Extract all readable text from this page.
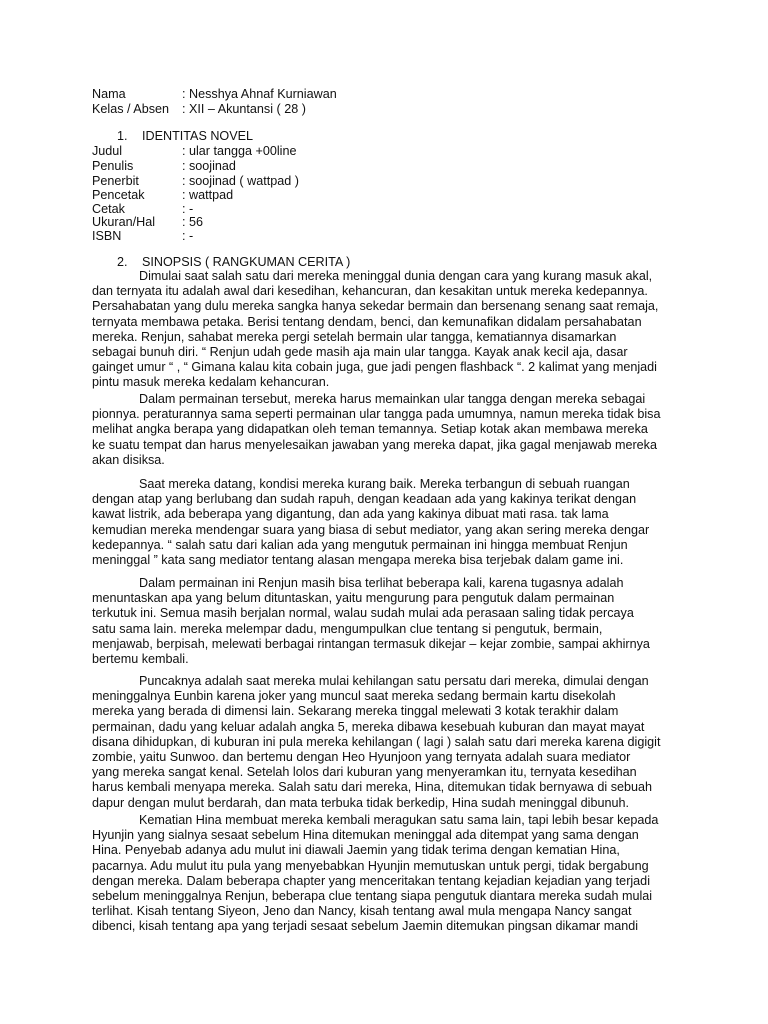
Nama	: Nesshya Ahnaf Kurniawan
Kelas / Absen : XII – Akuntansi ( 28 )
1. IDENTITAS NOVEL
Judul	: ular tangga +00line
Penulis	: soojinad
Penerbit	: soojinad ( wattpad )
Pencetak	: wattpad
Cetak	: -
Ukuran/Hal : 56
ISBN	: -
2. SINOPSIS ( RANGKUMAN CERITA )
Dimulai saat salah satu dari mereka meninggal dunia dengan cara yang kurang masuk akal,
dan ternyata itu adalah awal dari kesedihan, kehancuran, dan kesakitan untuk mereka kedepannya.
Persahabatan yang dulu mereka sangka hanya sekedar bermain dan bersenang senang saat remaja,
ternyata membawa petaka. Berisi tentang dendam, benci, dan kemunafikan didalam persahabatan
mereka. Renjun, sahabat mereka pergi setelah bermain ular tangga, kematiannya disamarkan
sebagai bunuh diri. “ Renjun udah gede masih aja main ular tangga. Kayak anak kecil aja, dasar
gainget umur “ , “ Gimana kalau kita cobain juga, gue jadi pengen flashback “. 2 kalimat yang menjadi
pintu masuk mereka kedalam kehancuran.
Dalam permainan tersebut, mereka harus memainkan ular tangga dengan mereka sebagai
pionnya. peraturannya sama seperti permainan ular tangga pada umumnya, namun mereka tidak bisa
melihat angka berapa yang didapatkan oleh teman temannya. Setiap kotak akan membawa mereka
ke suatu tempat dan harus menyelesaikan jawaban yang mereka dapat, jika gagal menjawab mereka
akan disiksa.
Saat mereka datang, kondisi mereka kurang baik. Mereka terbangun di sebuah ruangan
dengan atap yang berlubang dan sudah rapuh, dengan keadaan ada yang kakinya terikat dengan
kawat listrik, ada beberapa yang digantung, dan ada yang kakinya dibuat mati rasa. tak lama
kemudian mereka mendengar suara yang biasa di sebut mediator, yang akan sering mereka dengar
kedepannya. “ salah satu dari kalian ada yang mengutuk permainan ini hingga membuat Renjun
meninggal ” kata sang mediator tentang alasan mengapa mereka bisa terjebak dalam game ini.
Dalam permainan ini Renjun masih bisa terlihat beberapa kali, karena tugasnya adalah
menuntaskan apa yang belum dituntaskan, yaitu mengurung para pengutuk dalam permainan
terkutuk ini. Semua masih berjalan normal, walau sudah mulai ada perasaan saling tidak percaya
satu sama lain. mereka melempar dadu, mengumpulkan clue tentang si pengutuk, bermain,
menjawab, berpisah, melewati berbagai rintangan termasuk dikejar – kejar zombie, sampai akhirnya
bertemu kembali.
Puncaknya adalah saat mereka mulai kehilangan satu persatu dari mereka, dimulai dengan
meninggalnya Eunbin karena joker yang muncul saat mereka sedang bermain kartu disekolah
mereka yang berada di dimensi lain. Sekarang mereka tinggal melewati 3 kotak terakhir dalam
permainan, dadu yang keluar adalah angka 5, mereka dibawa kesebuah kuburan dan mayat mayat
disana dihidupkan, di kuburan ini pula mereka kehilangan ( lagi ) salah satu dari mereka karena digigit
zombie, yaitu Sunwoo. dan bertemu dengan Heo Hyunjoon yang ternyata adalah suara mediator
yang mereka sangat kenal. Setelah lolos dari kuburan yang menyeramkan itu, ternyata kesedihan
harus kembali menyapa mereka. Salah satu dari mereka, Hina, ditemukan tidak bernyawa di sebuah
dapur dengan mulut berdarah, dan mata terbuka tidak berkedip, Hina sudah meninggal dibunuh.
Kematian Hina membuat mereka kembali meragukan satu sama lain, tapi lebih besar kepada
Hyunjin yang sialnya sesaat sebelum Hina ditemukan meninggal ada ditempat yang sama dengan
Hina. Penyebab adanya adu mulut ini diawali Jaemin yang tidak terima dengan kematian Hina,
pacarnya. Adu mulut itu pula yang menyebabkan Hyunjin memutuskan untuk pergi, tidak bergabung
dengan mereka. Dalam beberapa chapter yang menceritakan tentang kejadian kejadian yang terjadi
sebelum meninggalnya Renjun, beberapa clue tentang siapa pengutuk diantara mereka sudah mulai
terlihat. Kisah tentang Siyeon, Jeno dan Nancy, kisah tentang awal mula mengapa Nancy sangat
dibenci, kisah tentang apa yang terjadi sesaat sebelum Jaemin ditemukan pingsan dikamar mandi
